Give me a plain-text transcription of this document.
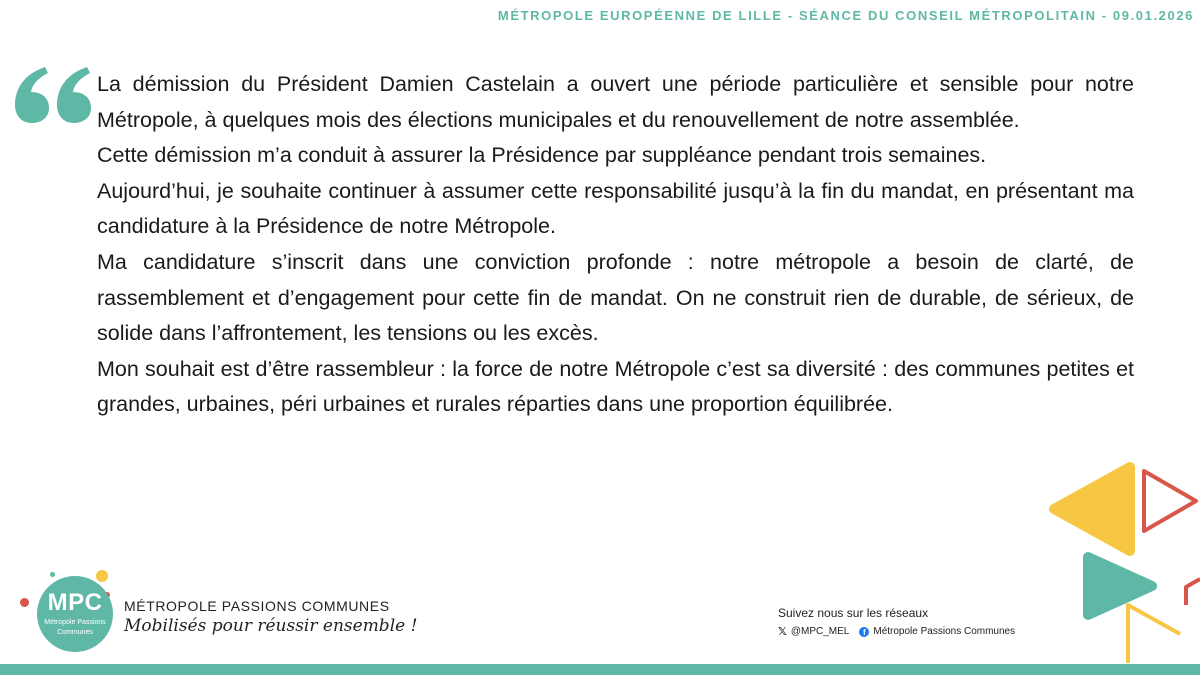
MÉTROPOLE EUROPÉENNE DE LILLE - SÉANCE DU CONSEIL MÉTROPOLITAIN - 09.01.2026

La démission du Président Damien Castelain a ouvert une période particulière et sensible pour notre Métropole, à quelques mois des élections municipales et du renouvellement de notre assemblée.

Cette démission m’a conduit à assurer la Présidence par suppléance pendant trois semaines.

Aujourd’hui, je souhaite continuer à assumer cette responsabilité jusqu’à la fin du mandat, en présentant ma candidature à la Présidence de notre Métropole.

Ma candidature s’inscrit dans une conviction profonde : notre métropole a besoin de clarté, de rassemblement et d’engagement pour cette fin de mandat. On ne construit rien de durable, de sérieux, de solide dans l’affrontement, les tensions ou les excès.

Mon souhait est d’être rassembleur : la force de notre Métropole c’est sa diversité : des communes petites et grandes, urbaines, péri urbaines et rurales réparties dans une proportion équilibrée.

MPC
Métropole Passions
Communes
MÉTROPOLE PASSIONS COMMUNES
Mobilisés pour réussir ensemble !
Suivez nous sur les réseaux
𝕏 @MPC_MEL	f Métropole Passions Communes
